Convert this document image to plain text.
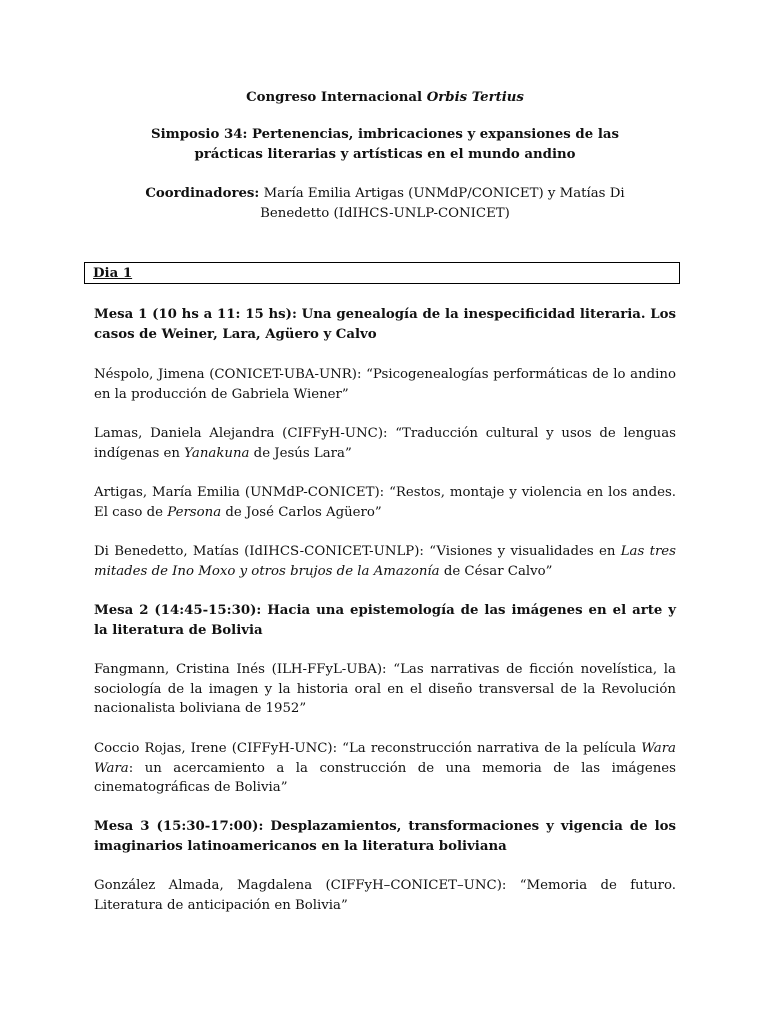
Congreso Internacional Orbis Tertius
Simposio 34: Pertenencias, imbricaciones y expansiones de las prácticas literarias y artísticas en el mundo andino
Coordinadores: María Emilia Artigas (UNMdP/CONICET) y Matías Di Benedetto (IdIHCS-UNLP-CONICET)
Dia 1
Mesa 1 (10 hs a 11: 15 hs): Una genealogía de la inespecificidad literaria. Los casos de Weiner, Lara, Agüero y Calvo
Néspolo, Jimena (CONICET-UBA-UNR): “Psicogenealogías performáticas de lo andino en la producción de Gabriela Wiener”
Lamas, Daniela Alejandra (CIFFyH-UNC): “Traducción cultural y usos de lenguas indígenas en Yanakuna de Jesús Lara”
Artigas, María Emilia (UNMdP-CONICET): “Restos, montaje y violencia en los andes. El caso de Persona de José Carlos Agüero”
Di Benedetto, Matías (IdIHCS-CONICET-UNLP): “Visiones y visualidades en Las tres mitades de Ino Moxo y otros brujos de la Amazonía de César Calvo”
Mesa 2 (14:45-15:30): Hacia una epistemología de las imágenes en el arte y la literatura de Bolivia
Fangmann, Cristina Inés (ILH-FFyL-UBA): “Las narrativas de ficción novelística, la sociología de la imagen y la historia oral en el diseño transversal de la Revolución nacionalista boliviana de 1952”
Coccio Rojas, Irene (CIFFyH-UNC): “La reconstrucción narrativa de la película Wara Wara: un acercamiento a la construcción de una memoria de las imágenes cinematográficas de Bolivia”
Mesa 3 (15:30-17:00): Desplazamientos, transformaciones y vigencia de los imaginarios latinoamericanos en la literatura boliviana
González Almada, Magdalena (CIFFyH–CONICET–UNC): “Memoria de futuro. Literatura de anticipación en Bolivia”
